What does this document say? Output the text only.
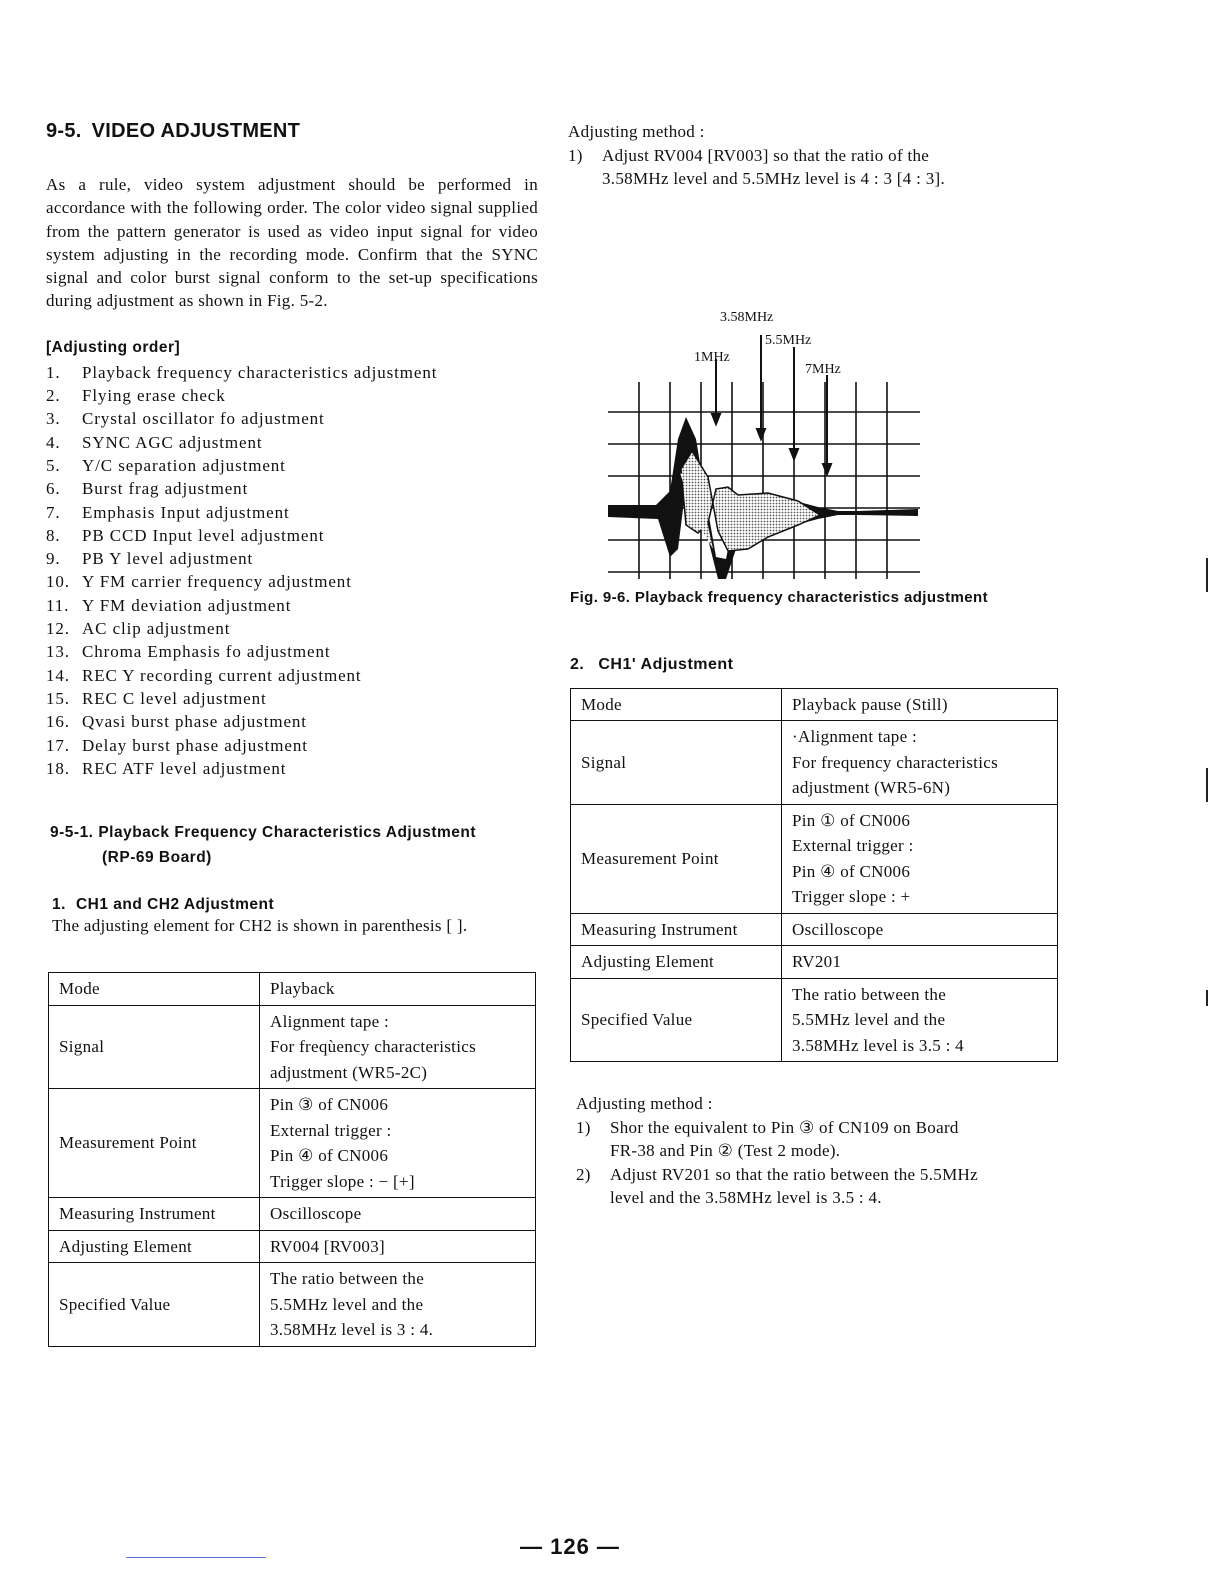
9-5. VIDEO ADJUSTMENT

As a rule, video system adjustment should be performed in accordance with the following order. The color video signal supplied from the pattern generator is used as video input signal for video system adjusting in the recording mode. Confirm that the SYNC signal and color burst signal conform to the set-up specifications during adjustment as shown in Fig. 5-2.

[Adjusting order]
1.	Playback frequency characteristics adjustment
2.	Flying erase check
3.	Crystal oscillator fo adjustment
4.	SYNC AGC adjustment
5.	Y/C separation adjustment
6.	Burst frag adjustment
7.	Emphasis Input adjustment
8.	PB CCD Input level adjustment
9.	PB Y level adjustment
10. Y FM carrier frequency adjustment
11. Y FM deviation adjustment
12. AC clip adjustment
13. Chroma Emphasis fo adjustment
14. REC Y recording current adjustment
15. REC C level adjustment
16. Qvasi burst phase adjustment
17. Delay burst phase adjustment
18. REC ATF level adjustment
9-5-1. Playback Frequency Characteristics Adjustment
(RP-69 Board)
1. CH1 and CH2 Adjustment

The adjusting element for CH2 is shown in parenthesis [ ].

Mode	Playback
Signal	Alignment tape :
For freqùency characteristics
adjustment (WR5-2C)

Measurement Point	Pin ③ of CN006
External trigger :
Pin ④ of CN006
Trigger slope : − [+]

Measuring Instrument	Oscilloscope
Adjusting Element	RV004 [RV003]
Specified Value	The ratio between the
5.5MHz level and the
3.58MHz level is 3 : 4.
Adjusting method :
1)	Adjust RV004 [RV003] so that the ratio of the
3.58MHz level and 5.5MHz level is 4 : 3 [4 : 3].
3.58MHz
5.5MHz
1MHz
7MHz
Fig. 9-6. Playback frequency characteristics adjustment
2. CH1' Adjustment
Mode	Playback pause (Still)
Signal	·Alignment tape :
For frequency characteristics
adjustment (WR5-6N)

Measurement Point	Pin ① of CN006
External trigger :
Pin ④ of CN006
Trigger slope : +

Measuring Instrument	Oscilloscope
Adjusting Element	RV201
Specified Value	The ratio between the
5.5MHz level and the
3.58MHz level is 3.5 : 4
Adjusting method :
1)	Shor the equivalent to Pin ③ of CN109 on Board
FR-38 and Pin ② (Test 2 mode).
2)	Adjust RV201 so that the ratio between the 5.5MHz
level and the 3.58MHz level is 3.5 : 4.
— 126 —
